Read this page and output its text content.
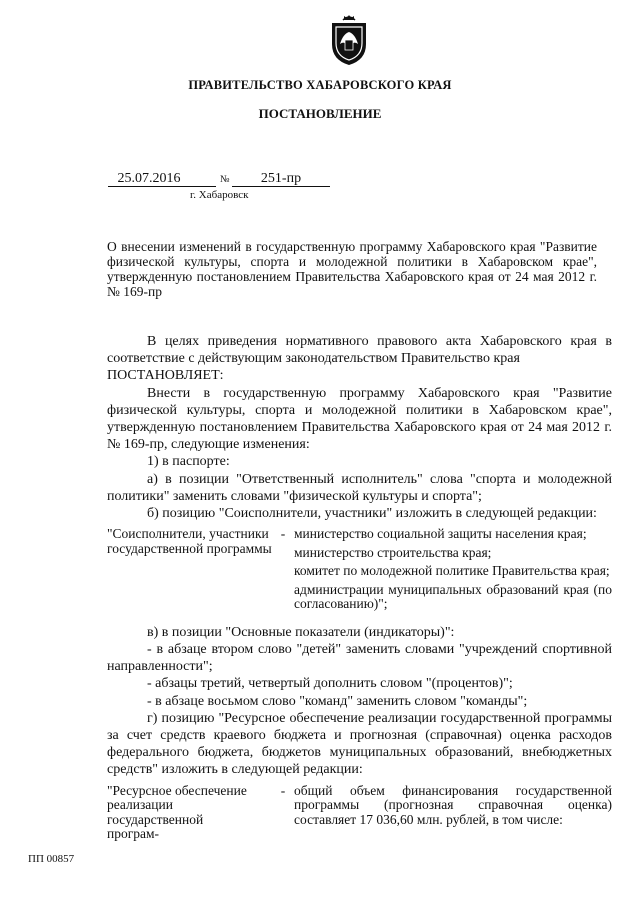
ПРАВИТЕЛЬСТВО ХАБАРОВСКОГО КРАЯ
ПОСТАНОВЛЕНИЕ
25.07.2016	№	251-пр
г. Хабаровск
О внесении изменений в государственную программу Хабаровского края "Развитие физической культуры, спорта и молодежной политики в Хабаровском крае", утвержденную постановлением Правительства Хабаровского края от 24 мая 2012 г. № 169-пр

В целях приведения нормативного правового акта Хабаровского края в соответствие с действующим законодательством Правительство края

ПОСТАНОВЛЯЕТ:

Внести в государственную программу Хабаровского края "Развитие физической культуры, спорта и молодежной политики в Хабаровском крае", утвержденную постановлением Правительства Хабаровского края от 24 мая 2012 г. № 169-пр, следующие изменения:

1) в паспорте:

а) в позиции "Ответственный исполнитель" слова "спорта и молодежной политики" заменить словами "физической культуры и спорта";

б) позицию "Соисполнители, участники" изложить в следующей редакции:

"Соисполнители, участники государственной программы	-	министерство социальной защиты населения края;
министерство строительства края;
комитет по молодежной политике Правительства края;
администрации муниципальных образований края (по согласованию)";

в) в позиции "Основные показатели (индикаторы)":

- в абзаце втором слово "детей" заменить словами "учреждений спортивной направленности";

- абзацы третий, четвертый дополнить словом "(процентов)";

- в абзаце восьмом слово "команд" заменить словом "команды";

г) позицию "Ресурсное обеспечение реализации государственной программы за счет средств краевого бюджета и прогнозная (справочная) оценка расходов федерального бюджета, бюджетов муниципальных образований, внебюджетных средств" изложить в следующей редакции:

"Ресурсное обеспечение реализации государственной програм-	-	общий объем финансирования государственной программы (прогнозная справочная оценка) составляет 17 036,60 млн. рублей, в том числе:
ПП 00857
